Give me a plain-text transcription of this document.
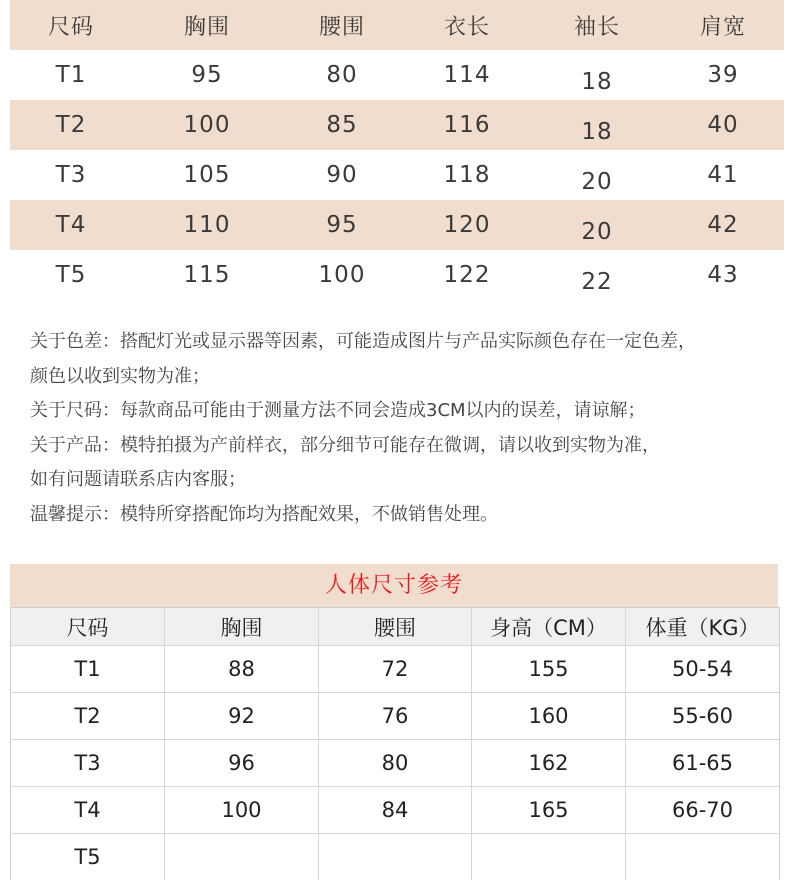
尺码	胸围	腰围	衣长	袖长	肩宽
T1	95	80	114	18	39
T2	100	85	116	18	40
T3	105	90	118	20	41
T4	110	95	120	20	42
T5	115	100	122	22	43
关于色差：搭配灯光或显示器等因素，可能造成图片与产品实际颜色存在一定色差，
颜色以收到实物为准；
关于尺码：每款商品可能由于测量方法不同会造成3CM以内的误差，请谅解；
关于产品：模特拍摄为产前样衣，部分细节可能存在微调，请以收到实物为准，
如有问题请联系店内客服；
温馨提示：模特所穿搭配饰均为搭配效果，不做销售处理。
人体尺寸参考
尺码	胸围	腰围	身高（CM）	体重（KG）
T1	88	72	155	50-54
T2	92	76	160	55-60
T3	96	80	162	61-65
T4	100	84	165	66-70
T5
